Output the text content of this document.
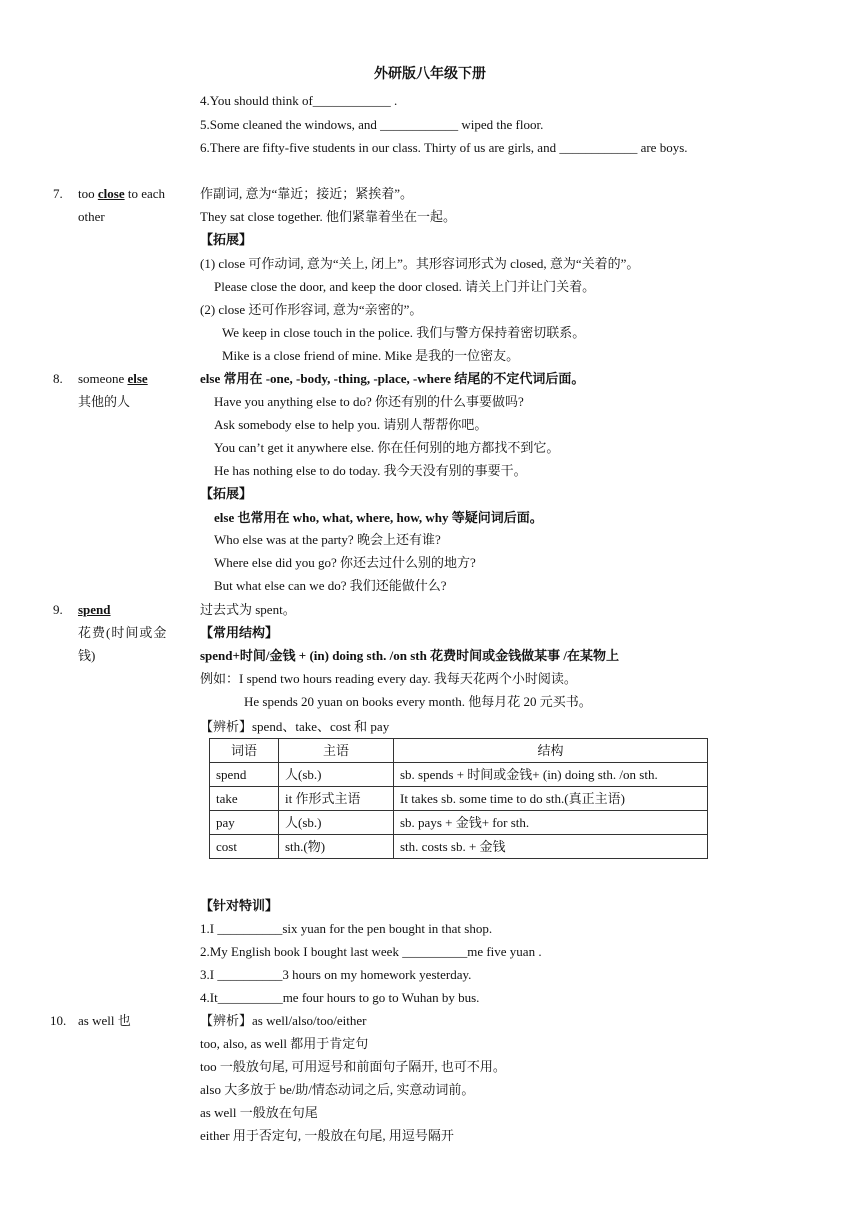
外研版八年级下册
4.You should think of____________ .
5.Some cleaned the windows, and ____________ wiped the floor.
6.There are fifty-five students in our class. Thirty of us are girls, and ____________ are boys.
7. too close to each
other
作副词, 意为“靠近；接近；紧挨着”。
They sat close together. 他们紧靠着坐在一起。
【拓展】
(1) close 可作动词, 意为“关上, 闭上”。其形容词形式为 closed, 意为“关着的”。
Please close the door, and keep the door closed. 请关上门并让门关着。
(2) close 还可作形容词, 意为“亲密的”。
We keep in close touch in the police. 我们与警方保持着密切联系。
Mike is a close friend of mine. Mike 是我的一位密友。
8. someone else
其他的人
else 常用在 -one, -body, -thing, -place, -where 结尾的不定代词后面。
Have you anything else to do? 你还有别的什么事要做吗?
Ask somebody else to help you. 请别人帮帮你吧。
You can’t get it anywhere else. 你在任何别的地方都找不到它。
He has nothing else to do today. 我今天没有别的事要干。
【拓展】
else 也常用在 who, what, where, how, why 等疑问词后面。
Who else was at the party? 晚会上还有谁?
Where else did you go? 你还去过什么别的地方?
But what else can we do? 我们还能做什么?
9. spend
花费(时间或金
钱)
过去式为 spent。
【常用结构】
spend+时间/金钱 + (in) doing sth. /on sth 花费时间或金钱做某事 /在某物上
例如：I spend two hours reading every day. 我每天花两个小时阅读。
He spends 20 yuan on books every month. 他每月花 20 元买书。
【辨析】spend、take、cost 和 pay
词语	主语	结构
spend	人(sb.)	sb. spends + 时间或金钱+ (in) doing sth. /on sth.
take	it 作形式主语	It takes sb. some time to do sth.(真正主语)
pay	人(sb.)	sb. pays + 金钱+ for sth.
cost	sth.(物)	sth. costs sb. + 金钱
【针对特训】
1.I __________six yuan for the pen bought in that shop.
2.My English book I bought last week __________me five yuan .
3.I __________3 hours on my homework yesterday.
4.It__________me four hours to go to Wuhan by bus.
10. as well 也	【辨析】as well/also/too/either
too, also, as well 都用于肯定句
too 一般放句尾, 可用逗号和前面句子隔开, 也可不用。
also 大多放于 be/助/情态动词之后, 实意动词前。
as well 一般放在句尾
either 用于否定句, 一般放在句尾, 用逗号隔开
